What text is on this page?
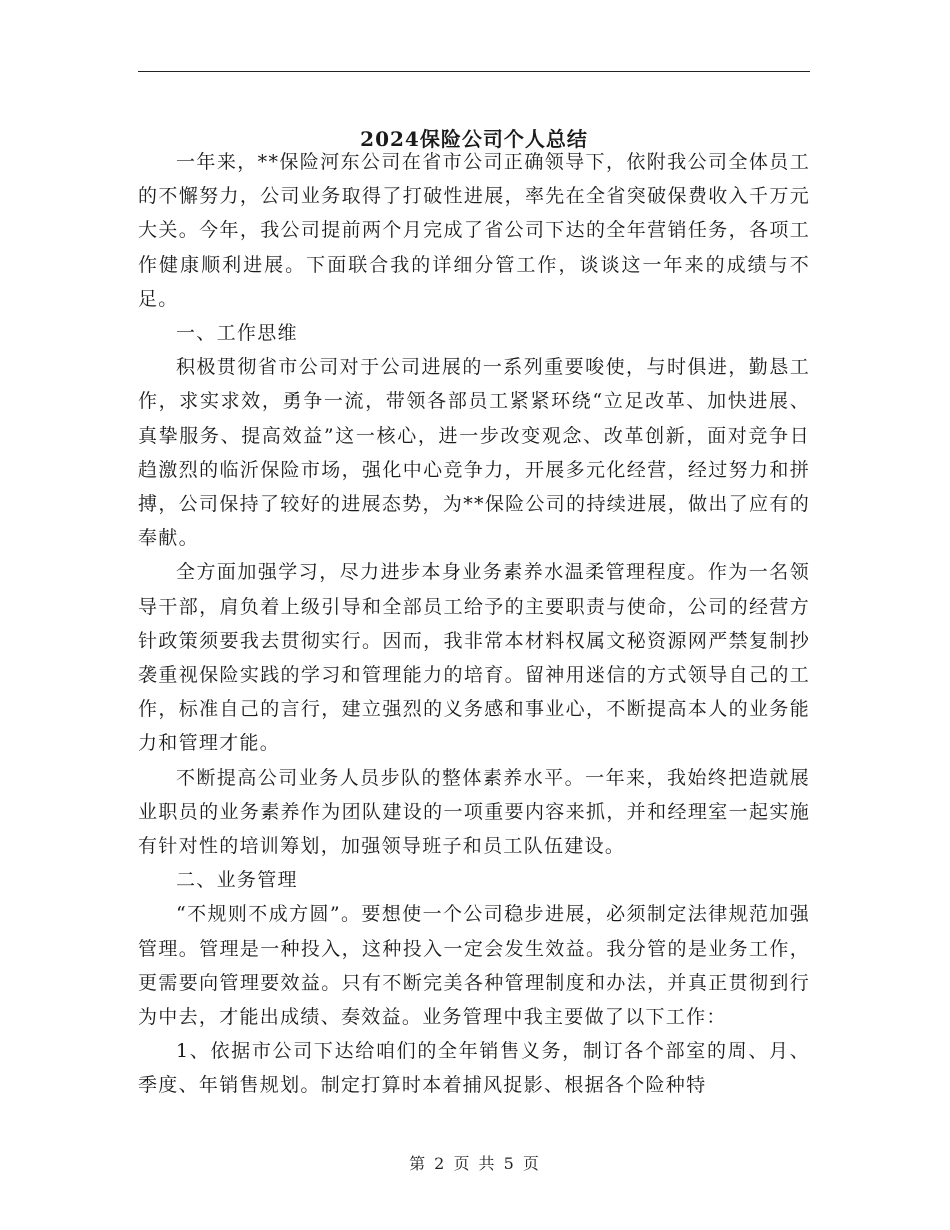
2024保险公司个人总结

一年来，**保险河东公司在省市公司正确领导下，依附我公司全体员工的不懈努力，公司业务取得了打破性进展，率先在全省突破保费收入千万元大关。今年，我公司提前两个月完成了省公司下达的全年营销任务，各项工作健康顺利进展。下面联合我的详细分管工作，谈谈这一年来的成绩与不足。

一、工作思维

积极贯彻省市公司对于公司进展的一系列重要唆使，与时俱进，勤恳工作，求实求效，勇争一流，带领各部员工紧紧环绕“立足改革、加快进展、真挚服务、提高效益”这一核心，进一步改变观念、改革创新，面对竞争日趋激烈的临沂保险市场，强化中心竞争力，开展多元化经营，经过努力和拼搏，公司保持了较好的进展态势，为**保险公司的持续进展，做出了应有的奉献。

全方面加强学习，尽力进步本身业务素养水温柔管理程度。作为一名领导干部，肩负着上级引导和全部员工给予的主要职责与使命，公司的经营方针政策须要我去贯彻实行。因而，我非常本材料权属文秘资源网严禁复制抄袭重视保险实践的学习和管理能力的培育。留神用迷信的方式领导自己的工作，标准自己的言行，建立强烈的义务感和事业心，不断提高本人的业务能力和管理才能。

不断提高公司业务人员步队的整体素养水平。一年来，我始终把造就展业职员的业务素养作为团队建设的一项重要内容来抓，并和经理室一起实施有针对性的培训筹划，加强领导班子和员工队伍建设。

二、业务管理

“不规则不成方圆”。要想使一个公司稳步进展，必须制定法律规范加强管理。管理是一种投入，这种投入一定会发生效益。我分管的是业务工作，更需要向管理要效益。只有不断完美各种管理制度和办法，并真正贯彻到行为中去，才能出成绩、奏效益。业务管理中我主要做了以下工作：

1、依据市公司下达给咱们的全年销售义务，制订各个部室的周、月、季度、年销售规划。制定打算时本着捕风捉影、根据各个险种特

第 2 页 共 5 页
